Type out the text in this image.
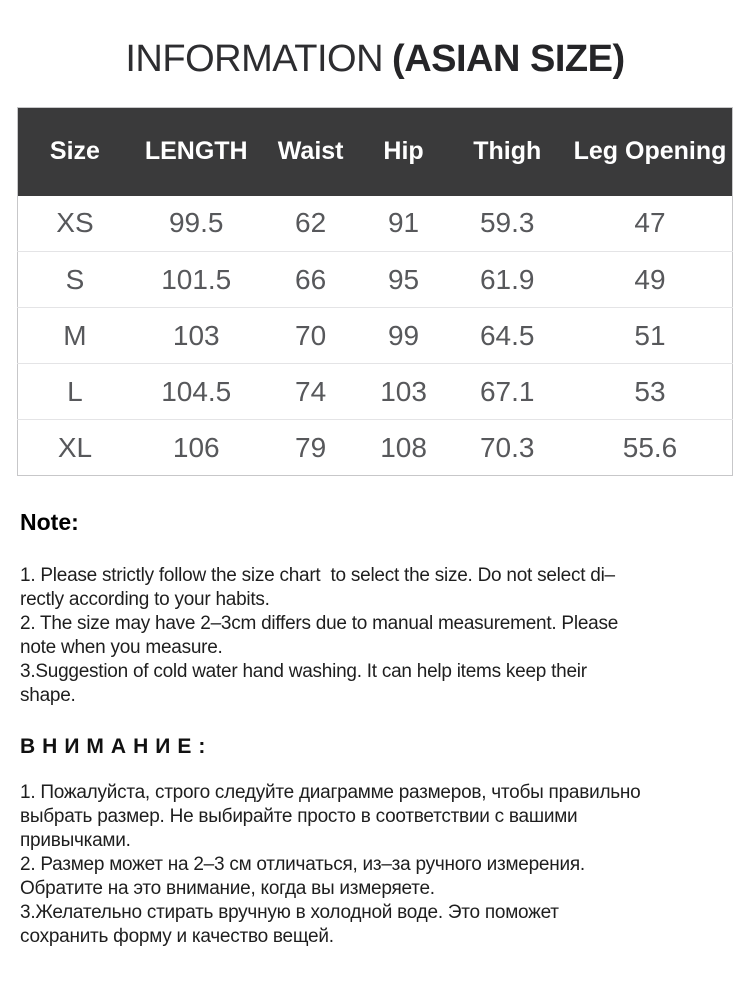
INFORMATION (ASIAN SIZE)
Size	LENGTH	Waist	Hip	Thigh	Leg Opening
XS	99.5	62	91	59.3	47
S	101.5	66	95	61.9	49
M	103	70	99	64.5	51
L	104.5	74	103	67.1	53
XL	106	79	108	70.3	55.6
Note:
1. Please strictly follow the size chart  to select the size. Do not select di–
rectly according to your habits.
2. The size may have 2–3cm differs due to manual measurement. Please
note when you measure.
3.Suggestion of cold water hand washing. It can help items keep their
shape.
ВНИМАНИЕ:
1. Пожалуйста, строго следуйте диаграмме размеров, чтобы правильно
выбрать размер. Не выбирайте просто в соответствии с вашими
привычками.
2. Размер может на 2–3 см отличаться, из–за ручного измерения.
Обратите на это внимание, когда вы измеряете.
3.Желательно стирать вручную в холодной воде. Это поможет
сохранить форму и качество вещей.
